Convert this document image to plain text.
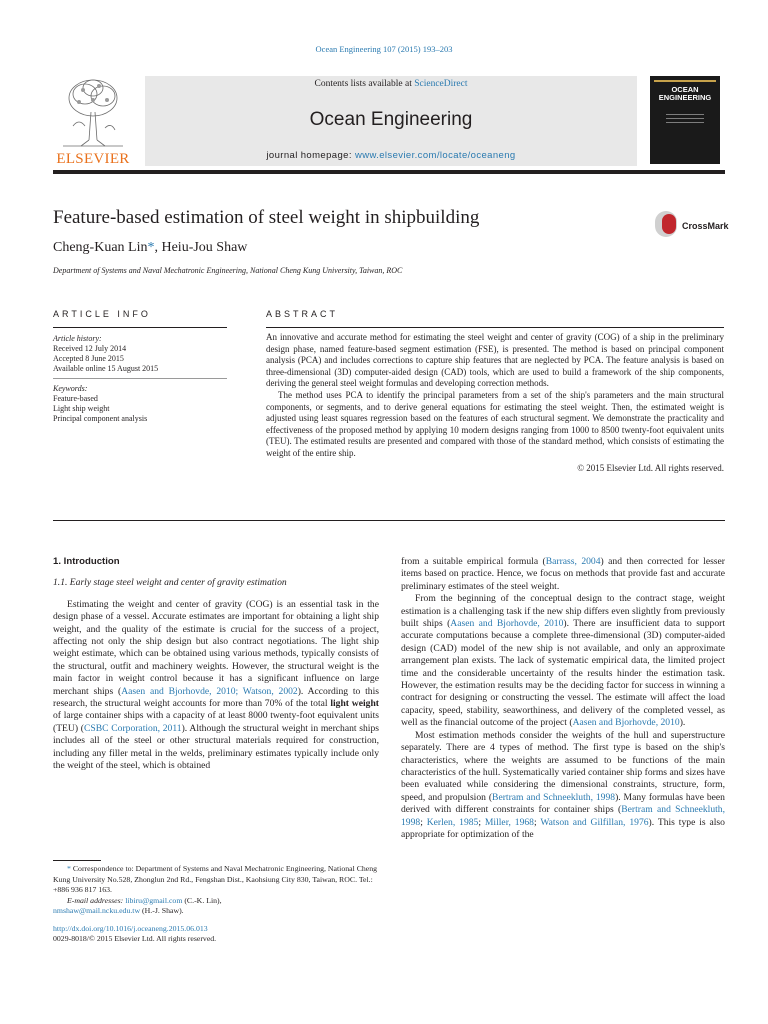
Ocean Engineering 107 (2015) 193–203
ELSEVIER
Contents lists available at ScienceDirect
Ocean Engineering
journal homepage: www.elsevier.com/locate/oceaneng
OCEAN
ENGINEERING
Feature-based estimation of steel weight in shipbuilding	CrossMark
Cheng-Kuan Lin*, Heiu-Jou Shaw
Department of Systems and Naval Mechatronic Engineering, National Cheng Kung University, Taiwan, ROC
ARTICLE INFO	ABSTRACT
Article history:
Received 12 July 2014
Accepted 8 June 2015
Available online 15 August 2015
Keywords:
Feature-based
Light ship weight
Principal component analysis

An innovative and accurate method for estimating the steel weight and center of gravity (COG) of a ship in the preliminary design phase, named feature-based segment estimation (FSE), is presented. The method is based on principal component analysis (PCA) and includes corrections to capture ship features that are neglected by PCA. The feature analysis is based on three-dimensional (3D) computer-aided design (CAD) tools, which are used to build a framework of the ship components, deriving the general steel weight formulas and developing correction methods.

The method uses PCA to identify the principal parameters from a set of the ship's parameters and the main structural components, or segments, and to derive general equations for estimating the steel weight. Then, the estimated weight is adjusted using least squares regression based on the features of each structural segment. We demonstrate the practicality and effectiveness of the proposed method by applying 10 modern designs ranging from 1000 to 8500 twenty-foot equivalent units (TEU). The estimated results are presented and compared with those of the standard method, which consists of estimating the weight of the entire ship.

© 2015 Elsevier Ltd. All rights reserved.

1. Introduction

1.1. Early stage steel weight and center of gravity estimation

Estimating the weight and center of gravity (COG) is an essential task in the design phase of a vessel. Accurate estimates are important for obtaining a light ship weight, and the quality of the estimate is crucial for the success of a project, affecting not only the ship design but also contract negotiations. The light ship weight estimate, which can be obtained using various methods, typically consists of the structural, outfit and machinery weights. However, the structural weight is the main factor in weight control because it has a significant influence on large merchant ships (Aasen and Bjorhovde, 2010; Watson, 2002). According to this research, the structural weight accounts for more than 70% of the total light weight of large container ships with a capacity of at least 8000 twenty-foot equivalent units (TEU) (CSBC Corporation, 2011). Although the structural weight in merchant ships includes all of the steel or other structural materials required for construction, including any filler metal in the welds, preliminary estimates typically include only the weight of the steel, which is obtained

* Correspondence to: Department of Systems and Naval Mechatronic Engineering, National Cheng Kung University No.528, Zhonglun 2nd Rd., Fengshan Dist., Kaohsiung City 830, Taiwan, ROC. Tel.: +886 936 817 163.
E-mail addresses: libiru@gmail.com (C.-K. Lin),
nmshaw@mail.ncku.edu.tw (H.-J. Shaw).
http://dx.doi.org/10.1016/j.oceaneng.2015.06.013
0029-8018/© 2015 Elsevier Ltd. All rights reserved.

from a suitable empirical formula (Barrass, 2004) and then corrected for lesser items based on practice. Hence, we focus on methods that provide fast and accurate preliminary estimates of the steel weight.

From the beginning of the conceptual design to the contract stage, weight estimation is a challenging task if the new ship differs even slightly from previously built ships (Aasen and Bjorhovde, 2010). There are insufficient data to support accurate computations because a complete three-dimensional (3D) computer-aided design (CAD) model of the new ship is not available, and only an approximate arrangement plan exists. The lack of systematic empirical data, the limited project time and the considerable uncertainty of the results hinder the estimation task. However, the estimation results may be the deciding factor for success in winning a contract for designing or constructing the vessel. The estimate will affect the load capacity, speed, stability, seaworthiness, and delivery of the completed vessel, as well as the financial outcome of the project (Aasen and Bjorhovde, 2010).

Most estimation methods consider the weights of the hull and superstructure separately. There are 4 types of method. The first type is based on the ship's characteristics, where the weights are assumed to be functions of the main characteristics of the hull. Systematically varied container ship forms and sizes have been evaluated while considering the dimensional constraints, structure, form, speed, and propulsion (Bertram and Schneekluth, 1998). Many formulas have been derived with different constraints for container ships (Bertram and Schneekluth, 1998; Kerlen, 1985; Miller, 1968; Watson and Gilfillan, 1976). This type is also appropriate for optimization of the
